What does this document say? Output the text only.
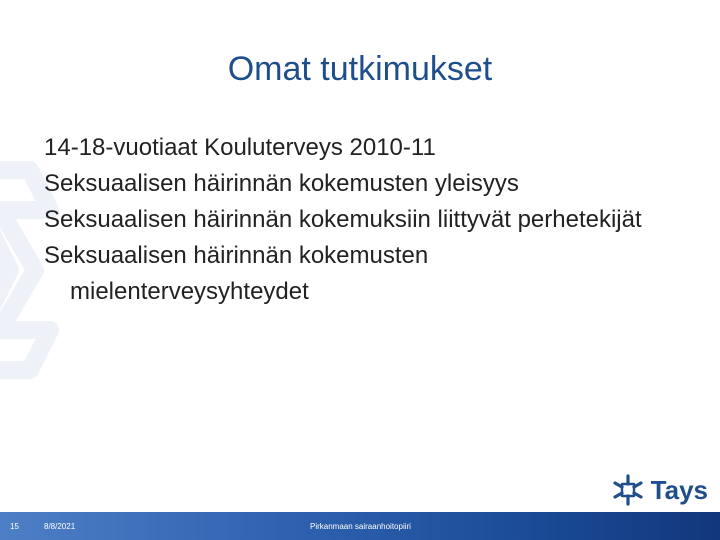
Omat tutkimukset
14-18-vuotiaat Kouluterveys 2010-11
Seksuaalisen häirinnän kokemusten yleisyys
Seksuaalisen häirinnän kokemuksiin liittyvät perhetekijät
Seksuaalisen häirinnän kokemusten mielenterveysyhteydet
Tays
15	8/8/2021	Pirkanmaan sairaanhoitopiiri
